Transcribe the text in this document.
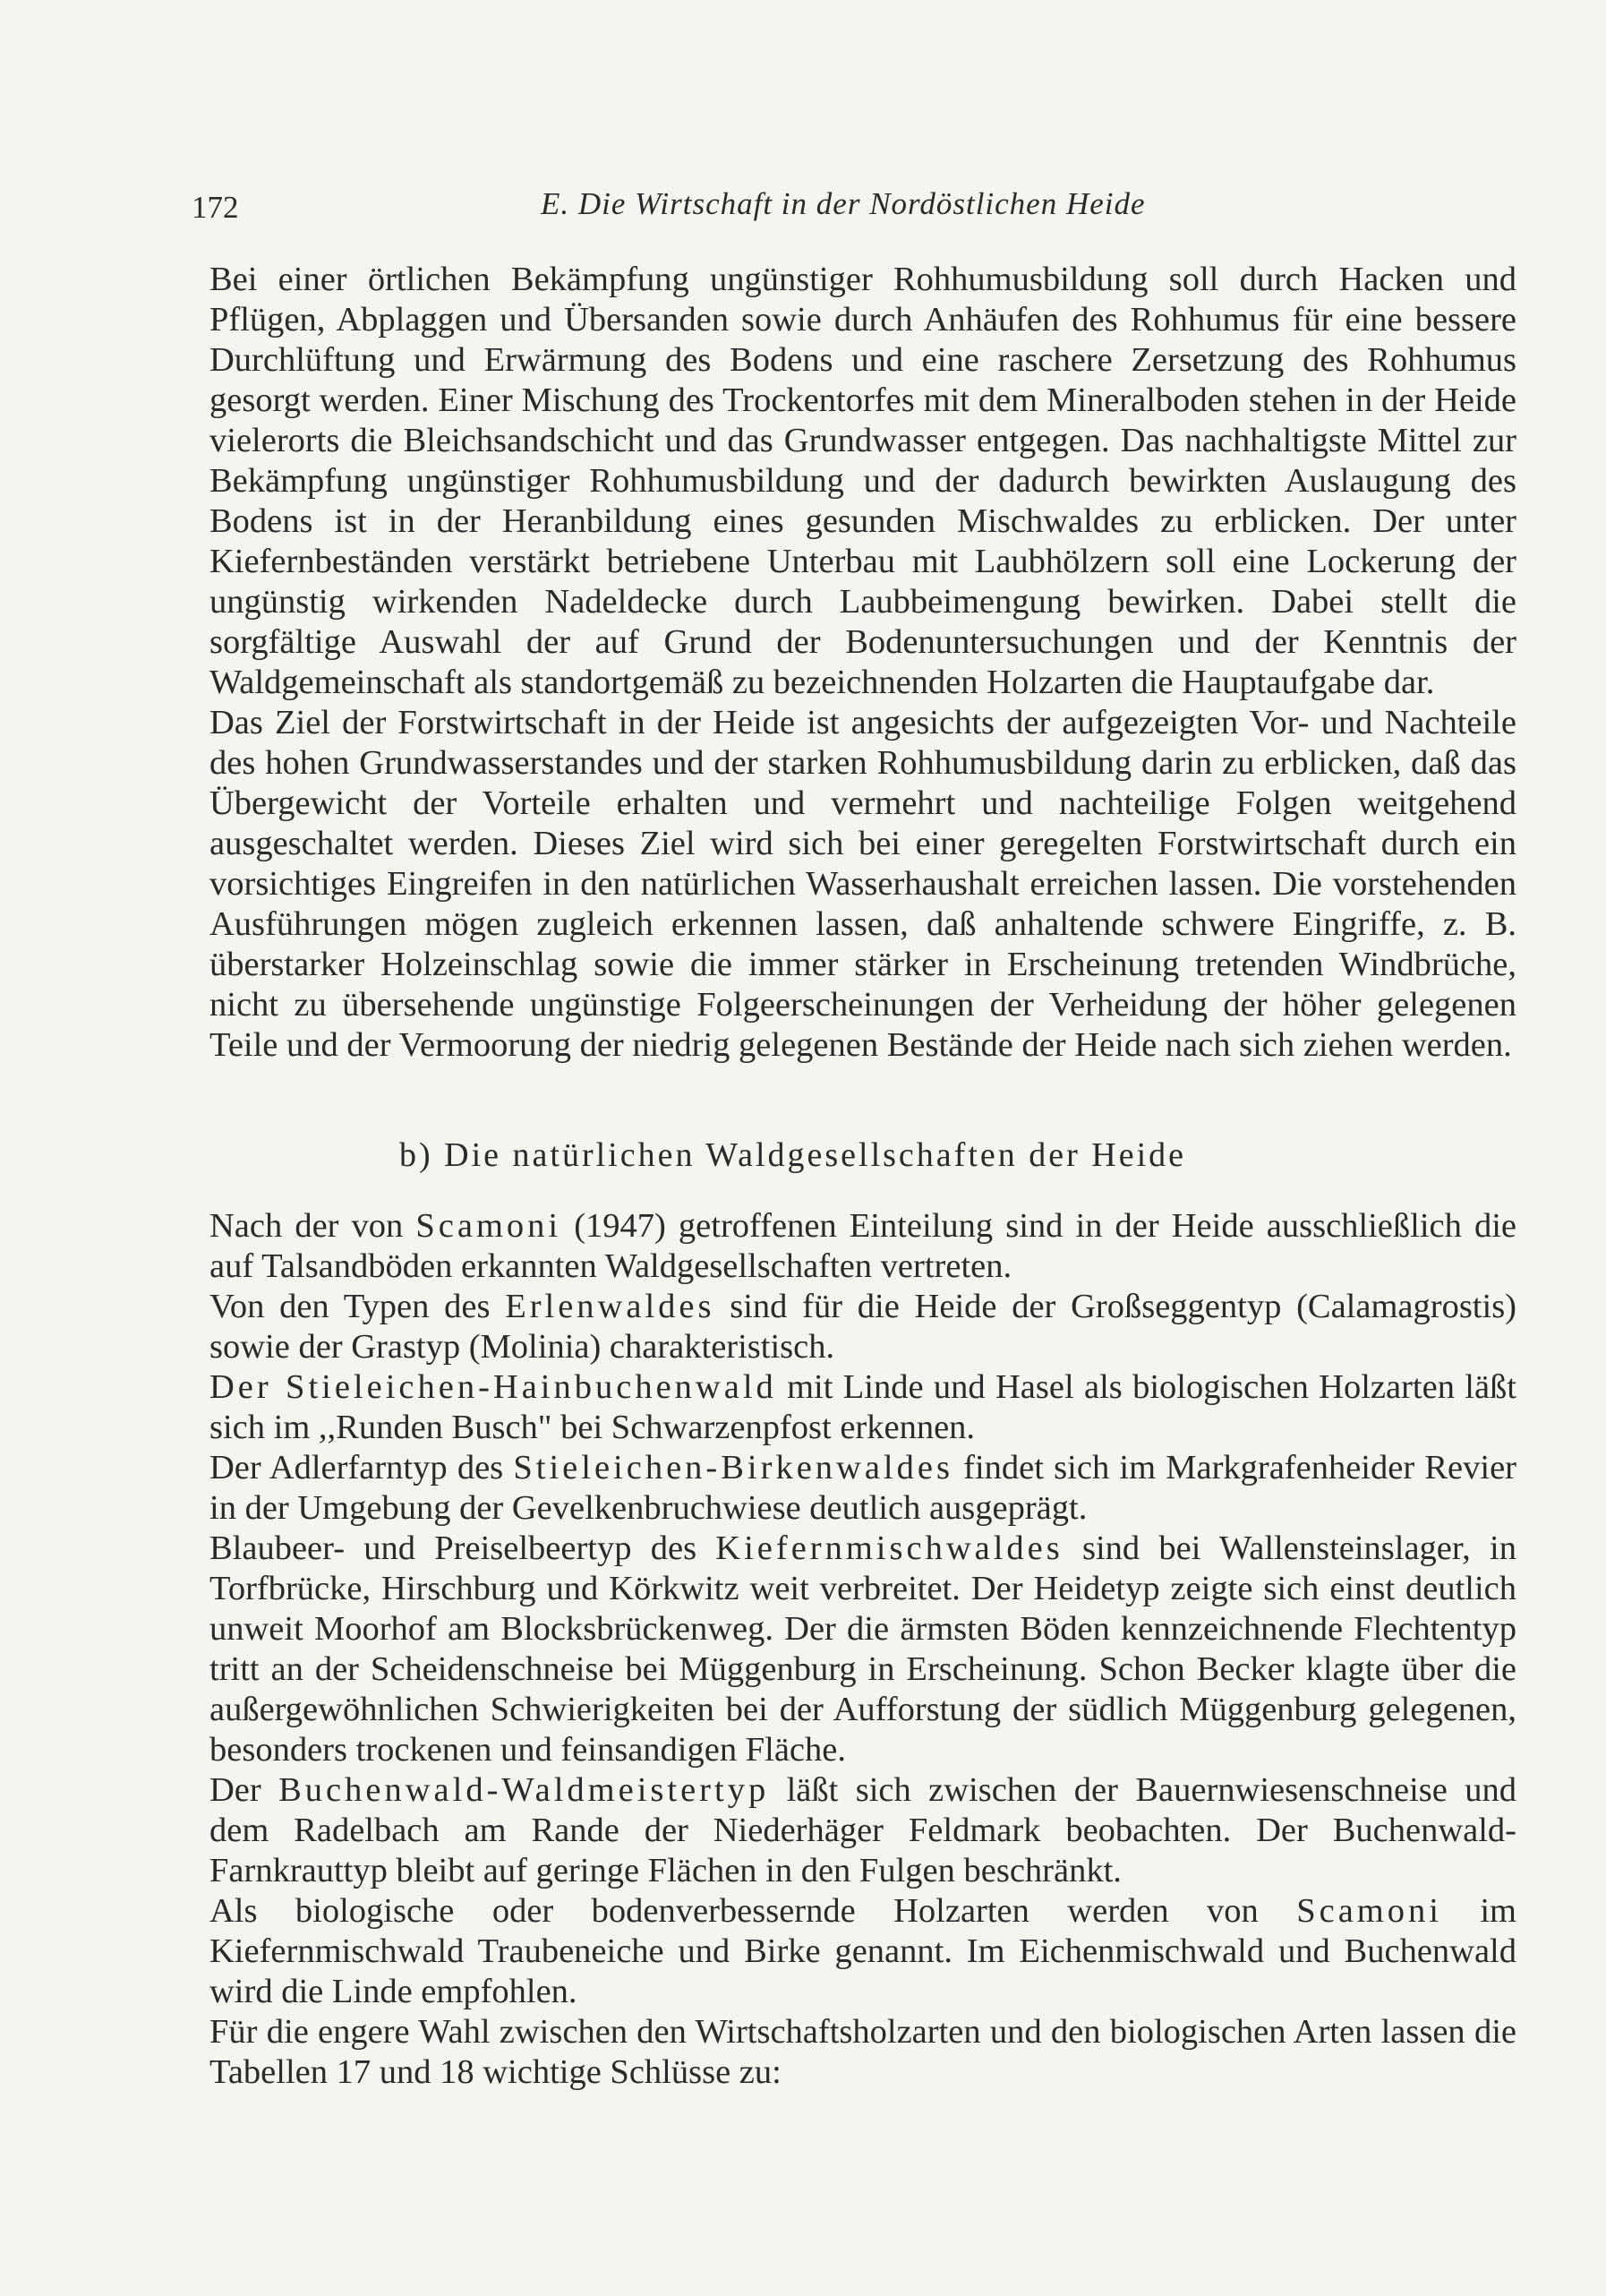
172	E. Die Wirtschaft in der Nordöstlichen Heide

Bei einer örtlichen Bekämpfung ungünstiger Rohhumusbildung soll durch Hacken und Pflügen, Abplaggen und Übersanden sowie durch Anhäufen des Rohhumus für eine bessere Durchlüftung und Erwärmung des Bodens und eine raschere Zersetzung des Rohhumus gesorgt werden. Einer Mischung des Trockentorfes mit dem Mineralboden stehen in der Heide vielerorts die Bleichsandschicht und das Grundwasser entgegen. Das nachhaltigste Mittel zur Bekämpfung ungünstiger Rohhumusbildung und der dadurch bewirkten Auslaugung des Bodens ist in der Heranbildung eines gesunden Mischwaldes zu erblicken. Der unter Kiefernbeständen verstärkt betriebene Unterbau mit Laubhölzern soll eine Lockerung der ungünstig wirkenden Nadeldecke durch Laubbeimengung bewirken. Dabei stellt die sorgfältige Auswahl der auf Grund der Bodenuntersuchungen und der Kenntnis der Waldgemeinschaft als standortgemäß zu bezeichnenden Holzarten die Hauptaufgabe dar.

Das Ziel der Forstwirtschaft in der Heide ist angesichts der aufgezeigten Vor- und Nachteile des hohen Grundwasserstandes und der starken Rohhumusbildung darin zu erblicken, daß das Übergewicht der Vorteile erhalten und vermehrt und nachteilige Folgen weitgehend ausgeschaltet werden. Dieses Ziel wird sich bei einer geregelten Forstwirtschaft durch ein vorsichtiges Eingreifen in den natürlichen Wasserhaushalt erreichen lassen. Die vorstehenden Ausführungen mögen zugleich erkennen lassen, daß anhaltende schwere Eingriffe, z. B. überstarker Holzeinschlag sowie die immer stärker in Erscheinung tretenden Windbrüche, nicht zu übersehende ungünstige Folgeerscheinungen der Verheidung der höher gelegenen Teile und der Vermoorung der niedrig gelegenen Bestände der Heide nach sich ziehen werden.

b) Die natürlichen Waldgesellschaften der Heide

Nach der von Scamoni (1947) getroffenen Einteilung sind in der Heide ausschließlich die auf Talsandböden erkannten Waldgesellschaften vertreten.

Von den Typen des Erlenwaldes sind für die Heide der Großseggentyp (Calamagrostis) sowie der Grastyp (Molinia) charakteristisch.

Der Stieleichen-Hainbuchenwald mit Linde und Hasel als biologischen Holzarten läßt sich im ,,Runden Busch" bei Schwarzenpfost erkennen.

Der Adlerfarntyp des Stieleichen-Birkenwaldes findet sich im Markgrafenheider Revier in der Umgebung der Gevelkenbruchwiese deutlich ausgeprägt.

Blaubeer- und Preiselbeertyp des Kiefernmischwaldes sind bei Wallensteinslager, in Torfbrücke, Hirschburg und Körkwitz weit verbreitet. Der Heidetyp zeigte sich einst deutlich unweit Moorhof am Blocksbrückenweg. Der die ärmsten Böden kennzeichnende Flechtentyp tritt an der Scheidenschneise bei Müggenburg in Erscheinung. Schon Becker klagte über die außergewöhnlichen Schwierigkeiten bei der Aufforstung der südlich Müggenburg gelegenen, besonders trockenen und feinsandigen Fläche.

Der Buchenwald-Waldmeistertyp läßt sich zwischen der Bauernwiesenschneise und dem Radelbach am Rande der Niederhäger Feldmark beobachten. Der Buchenwald-Farnkrauttyp bleibt auf geringe Flächen in den Fulgen beschränkt.

Als biologische oder bodenverbessernde Holzarten werden von Scamoni im Kiefernmischwald Traubeneiche und Birke genannt. Im Eichenmischwald und Buchenwald wird die Linde empfohlen.

Für die engere Wahl zwischen den Wirtschaftsholzarten und den biologischen Arten lassen die Tabellen 17 und 18 wichtige Schlüsse zu:
